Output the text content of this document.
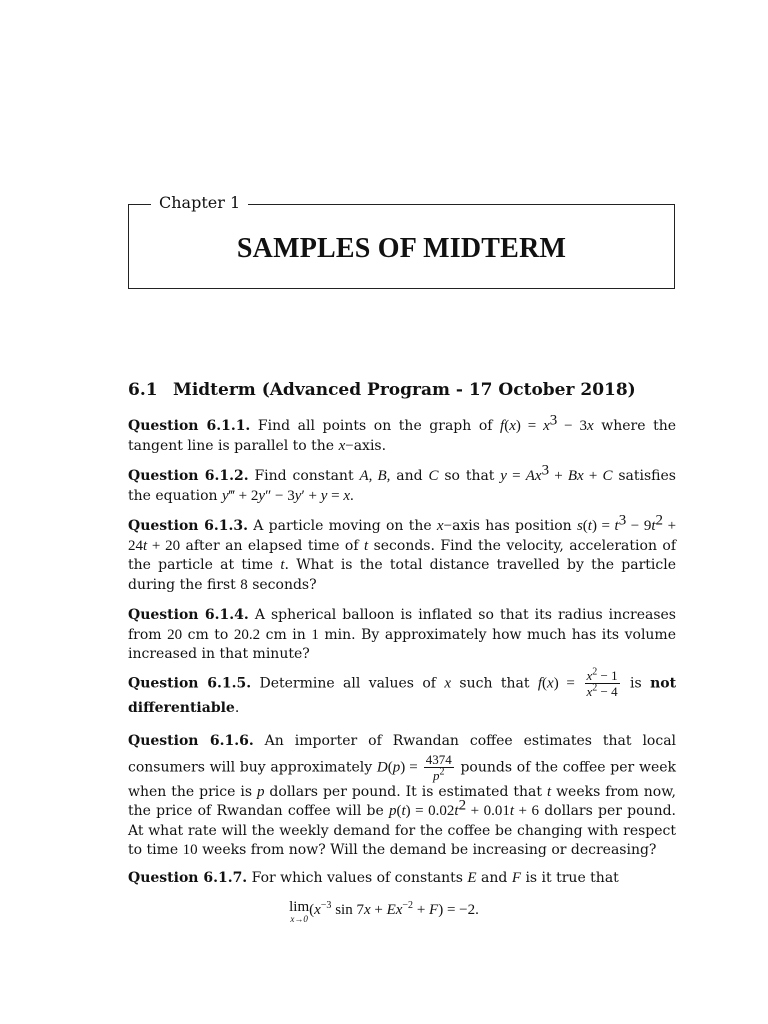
Chapter 1
SAMPLES OF MIDTERM
6.1 Midterm (Advanced Program - 17 October 2018)

Question 6.1.1. Find all points on the graph of $f(x) = x^3 - 3x$ where the tangent line is parallel to the x−axis.

Question 6.1.2. Find constant A, B, and C so that $y = Ax^3 + Bx + C$ satisfies the equation y‴ + 2y″ − 3y′ + y = x.

Question 6.1.3. A particle moving on the x−axis has position $s(t) = t^3 - 9t^2 + 24t + 20$ after an elapsed time of t seconds. Find the velocity, acceleration of the particle at time t. What is the total distance travelled by the particle during the first 8 seconds?

Question 6.1.4. A spherical balloon is inflated so that its radius increases from 20 cm to 20.2 cm in 1 min. By approximately how much has its volume increased in that minute?

Question 6.1.5. Determine all values of x such that $f(x) = \frac{x^2 - 1}{x^2 - 4}$ is not differentiable.

Question 6.1.6. An importer of Rwandan coffee estimates that local consumers will buy approximately $D(p) = \frac{4374}{p^2}$ pounds of the coffee per week when the price is p dollars per pound. It is estimated that t weeks from now, the price of Rwandan coffee will be $p(t) = 0.02t^2 + 0.01t + 6$ dollars per pound. At what rate will the weekly demand for the coffee be changing with respect to time 10 weeks from now? Will the demand be increasing or decreasing?

Question 6.1.7. For which values of constants E and F is it true that

lim
x→0
($x^{-3}$ $\sin 7x + Ex^{-2} + F) = -2$.
